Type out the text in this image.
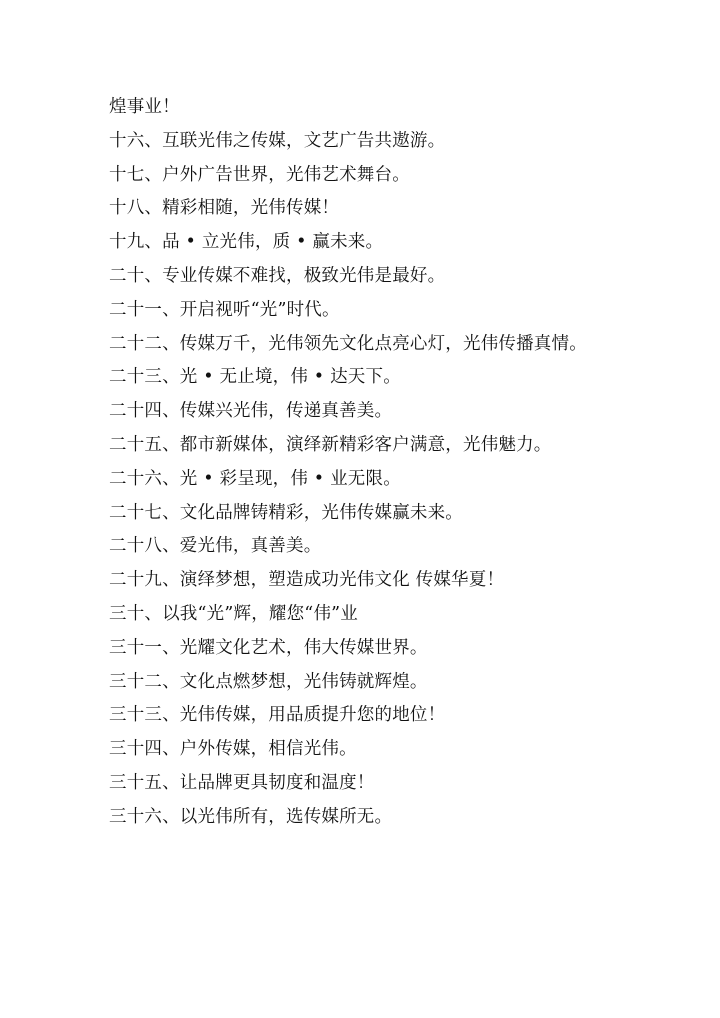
煌事业！
十六、互联光伟之传媒，文艺广告共遨游。
十七、户外广告世界，光伟艺术舞台。
十八、精彩相随，光伟传媒！
十九、品 • 立光伟，质 • 赢未来。
二十、专业传媒不难找，极致光伟是最好。
二十一、开启视听“光”时代。
二十二、传媒万千，光伟领先文化点亮心灯，光伟传播真情。
二十三、光 • 无止境，伟 • 达天下。
二十四、传媒兴光伟，传递真善美。
二十五、都市新媒体，演绎新精彩客户满意，光伟魅力。
二十六、光 • 彩呈现，伟 • 业无限。
二十七、文化品牌铸精彩，光伟传媒赢未来。
二十八、爱光伟，真善美。
二十九、演绎梦想，塑造成功光伟文化 传媒华夏！
三十、以我“光”辉，耀您“伟”业
三十一、光耀文化艺术，伟大传媒世界。
三十二、文化点燃梦想，光伟铸就辉煌。
三十三、光伟传媒，用品质提升您的地位！
三十四、户外传媒，相信光伟。
三十五、让品牌更具韧度和温度！
三十六、以光伟所有，选传媒所无。
